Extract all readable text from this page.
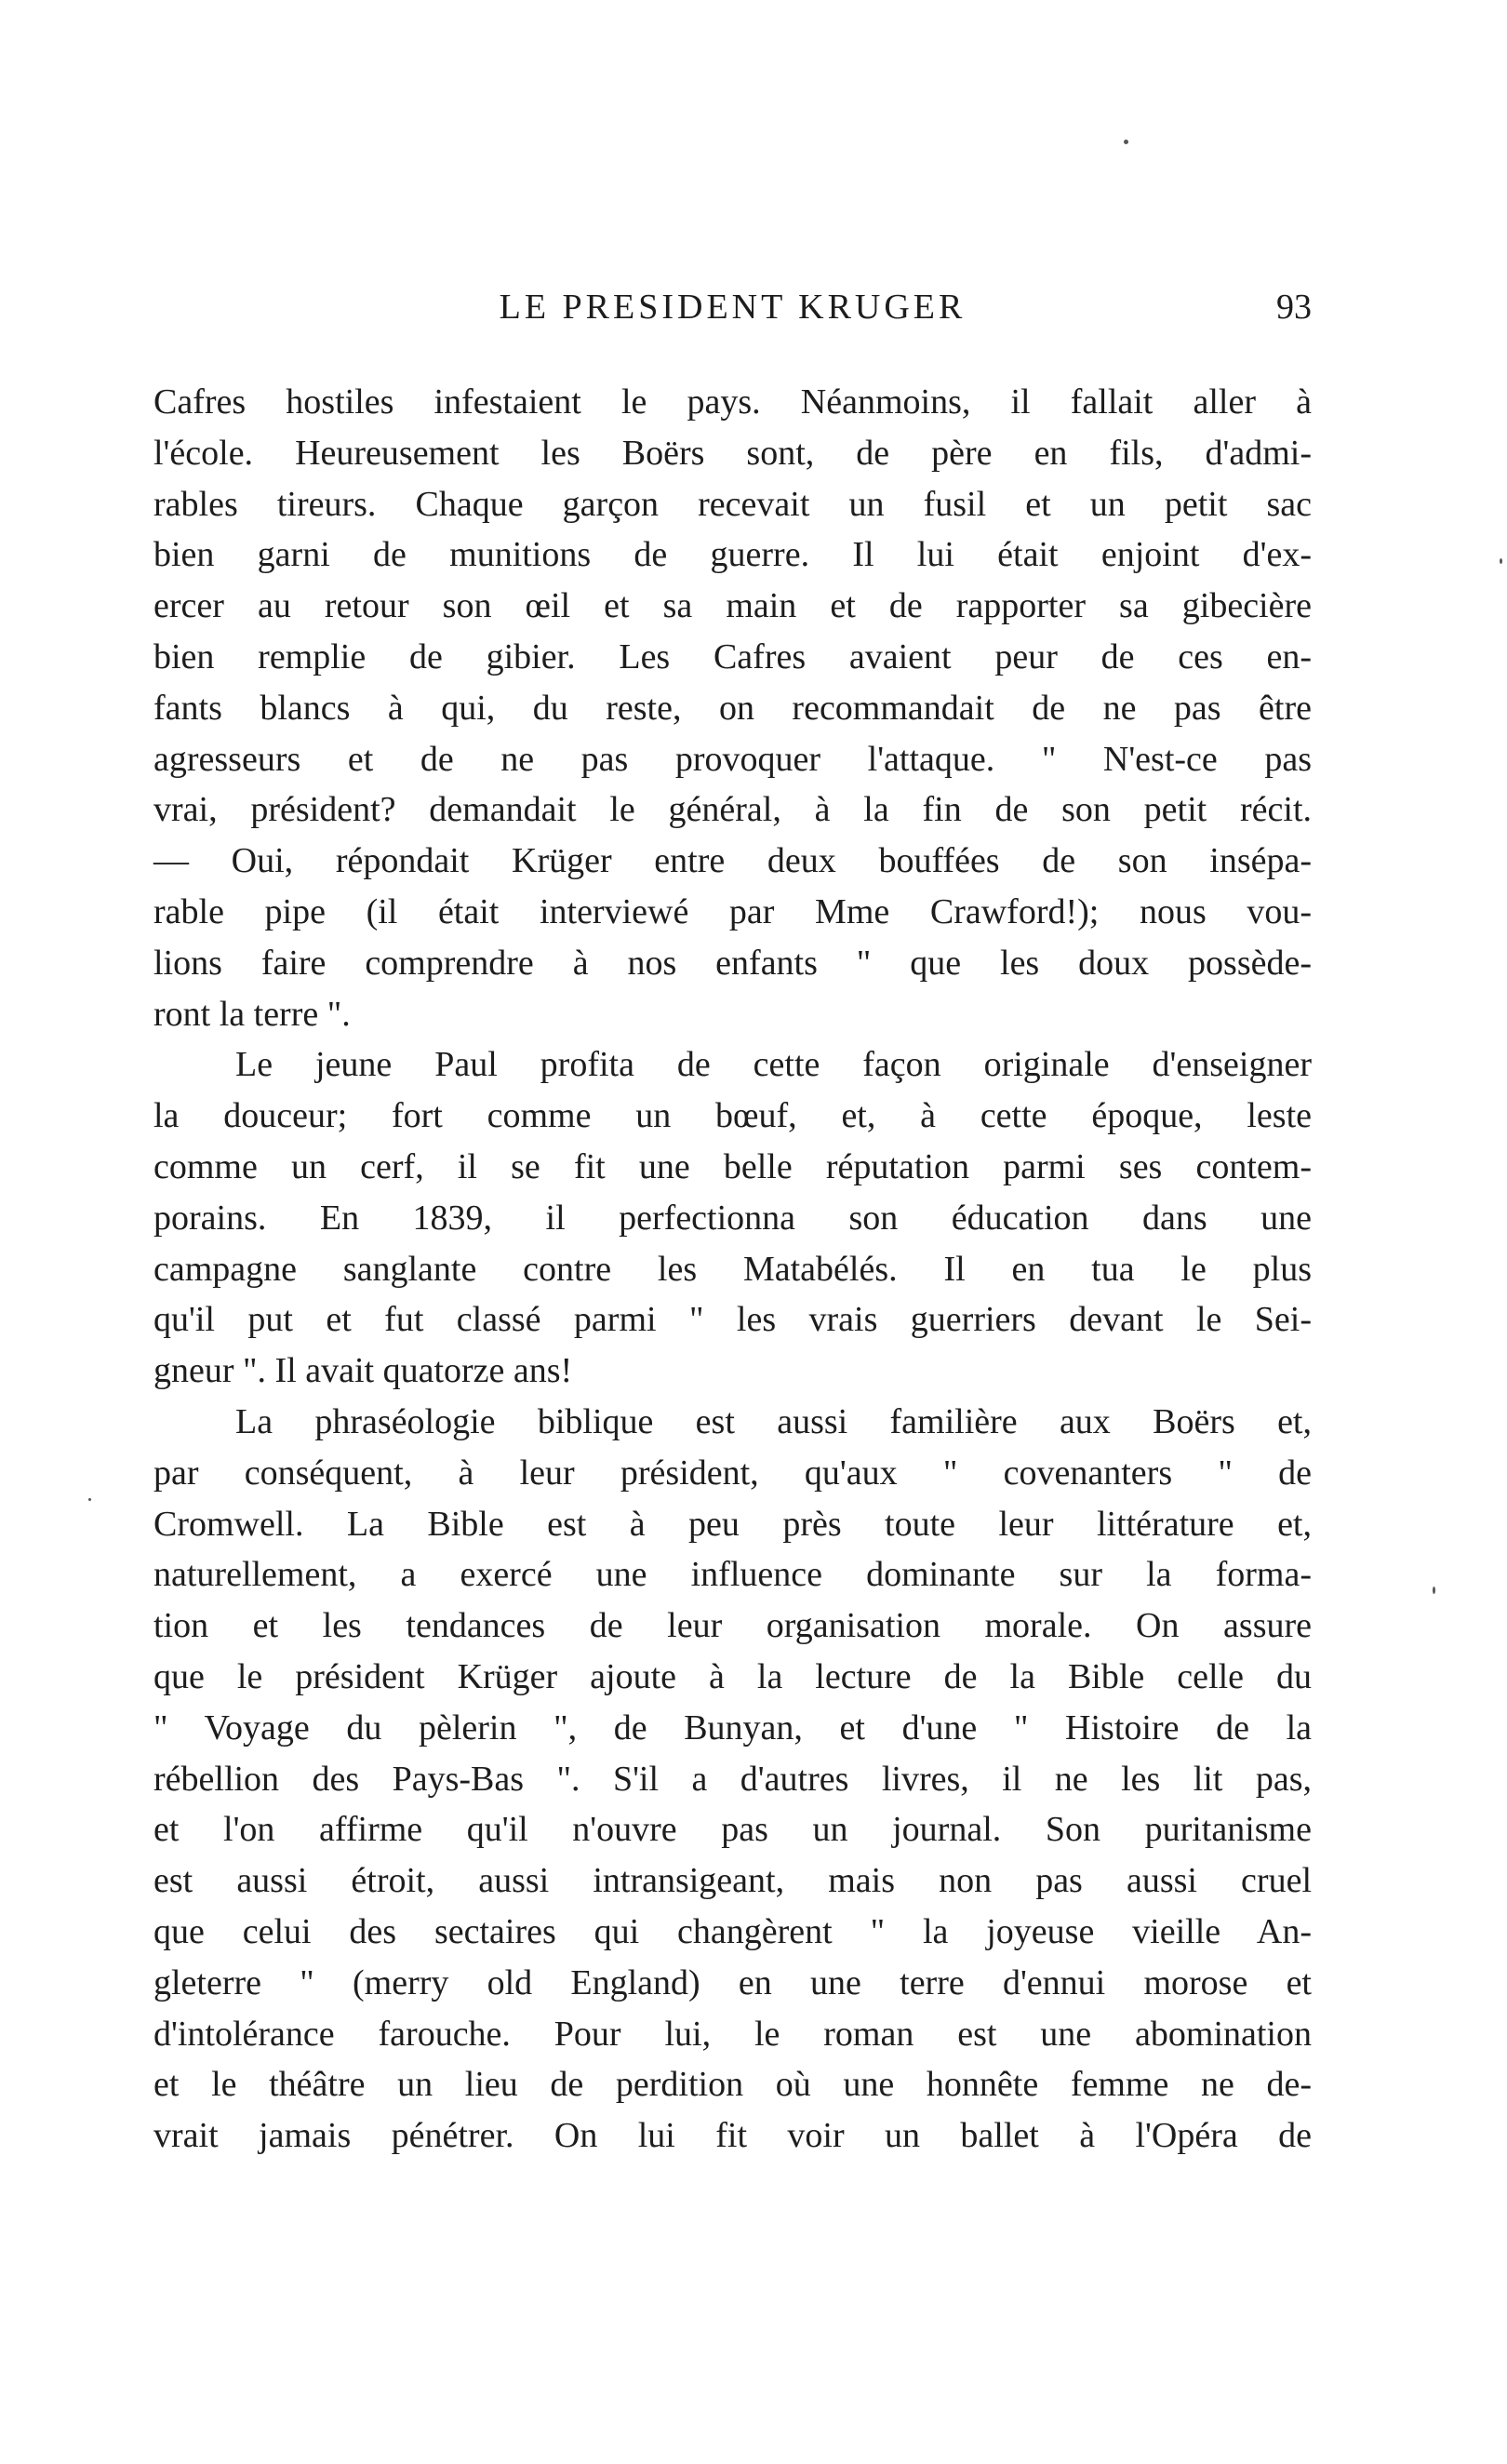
LE PRESIDENT KRUGER	93

Cafres hostiles infestaient le pays. Néanmoins, il fallait aller à
l'école. Heureusement les Boërs sont, de père en fils, d'admi-
rables tireurs. Chaque garçon recevait un fusil et un petit sac
bien garni de munitions de guerre. Il lui était enjoint d'ex-
ercer au retour son œil et sa main et de rapporter sa gibecière
bien remplie de gibier. Les Cafres avaient peur de ces en-
fants blancs à qui, du reste, on recommandait de ne pas être
agresseurs et de ne pas provoquer l'attaque. " N'est-ce pas
vrai, président? demandait le général, à la fin de son petit récit.
— Oui, répondait Krüger entre deux bouffées de son insépa-
rable pipe (il était interviewé par Mme Crawford!); nous vou-
lions faire comprendre à nos enfants " que les doux possède-
ront la terre ".

Le jeune Paul profita de cette façon originale d'enseigner
la douceur; fort comme un bœuf, et, à cette époque, leste
comme un cerf, il se fit une belle réputation parmi ses contem-
porains. En 1839, il perfectionna son éducation dans une
campagne sanglante contre les Matabélés. Il en tua le plus
qu'il put et fut classé parmi " les vrais guerriers devant le Sei-
gneur ". Il avait quatorze ans!

La phraséologie biblique est aussi familière aux Boërs et,
par conséquent, à leur président, qu'aux " covenanters " de
Cromwell. La Bible est à peu près toute leur littérature et,
naturellement, a exercé une influence dominante sur la forma-
tion et les tendances de leur organisation morale. On assure
que le président Krüger ajoute à la lecture de la Bible celle du
" Voyage du pèlerin ", de Bunyan, et d'une " Histoire de la
rébellion des Pays-Bas ". S'il a d'autres livres, il ne les lit pas,
et l'on affirme qu'il n'ouvre pas un journal. Son puritanisme
est aussi étroit, aussi intransigeant, mais non pas aussi cruel
que celui des sectaires qui changèrent " la joyeuse vieille An-
gleterre " (merry old England) en une terre d'ennui morose et
d'intolérance farouche. Pour lui, le roman est une abomination
et le théâtre un lieu de perdition où une honnête femme ne de-
vrait jamais pénétrer. On lui fit voir un ballet à l'Opéra de
